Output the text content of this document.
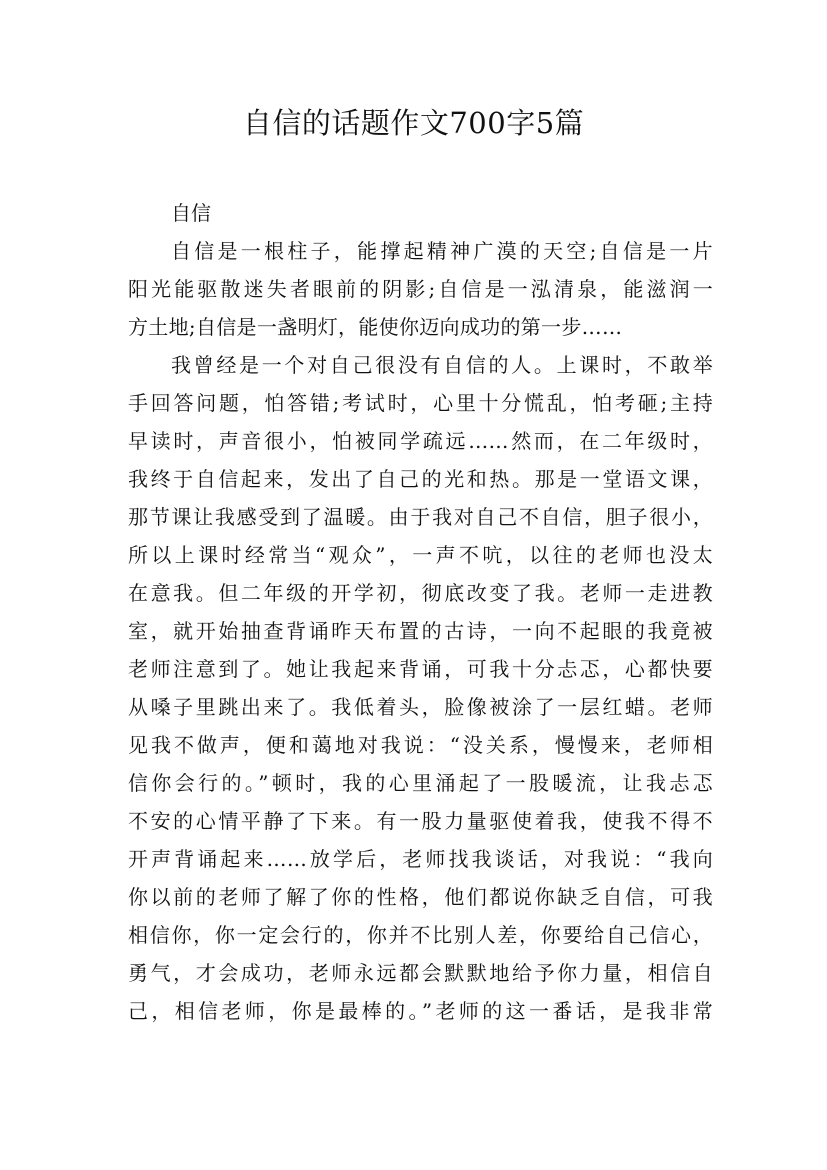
自信的话题作文700字5篇
自信
自信是一根柱子，能撑起精神广漠的天空;自信是一片
阳光能驱散迷失者眼前的阴影;自信是一泓清泉，能滋润一
方土地;自信是一盏明灯，能使你迈向成功的第一步……
我曾经是一个对自己很没有自信的人。上课时，不敢举
手回答问题，怕答错;考试时，心里十分慌乱，怕考砸;主持
早读时，声音很小，怕被同学疏远……然而，在二年级时，
我终于自信起来，发出了自己的光和热。那是一堂语文课，
那节课让我感受到了温暖。由于我对自己不自信，胆子很小，
所以上课时经常当“观众”，一声不吭，以往的老师也没太
在意我。但二年级的开学初，彻底改变了我。老师一走进教
室，就开始抽查背诵昨天布置的古诗，一向不起眼的我竟被
老师注意到了。她让我起来背诵，可我十分忐忑，心都快要
从嗓子里跳出来了。我低着头，脸像被涂了一层红蜡。老师
见我不做声，便和蔼地对我说：“没关系，慢慢来，老师相
信你会行的。”顿时，我的心里涌起了一股暖流，让我忐忑
不安的心情平静了下来。有一股力量驱使着我，使我不得不
开声背诵起来……放学后，老师找我谈话，对我说：“我向
你以前的老师了解了你的性格，他们都说你缺乏自信，可我
相信你，你一定会行的，你并不比别人差，你要给自己信心，
勇气，才会成功，老师永远都会默默地给予你力量，相信自
己，相信老师，你是最棒的。”老师的这一番话，是我非常
